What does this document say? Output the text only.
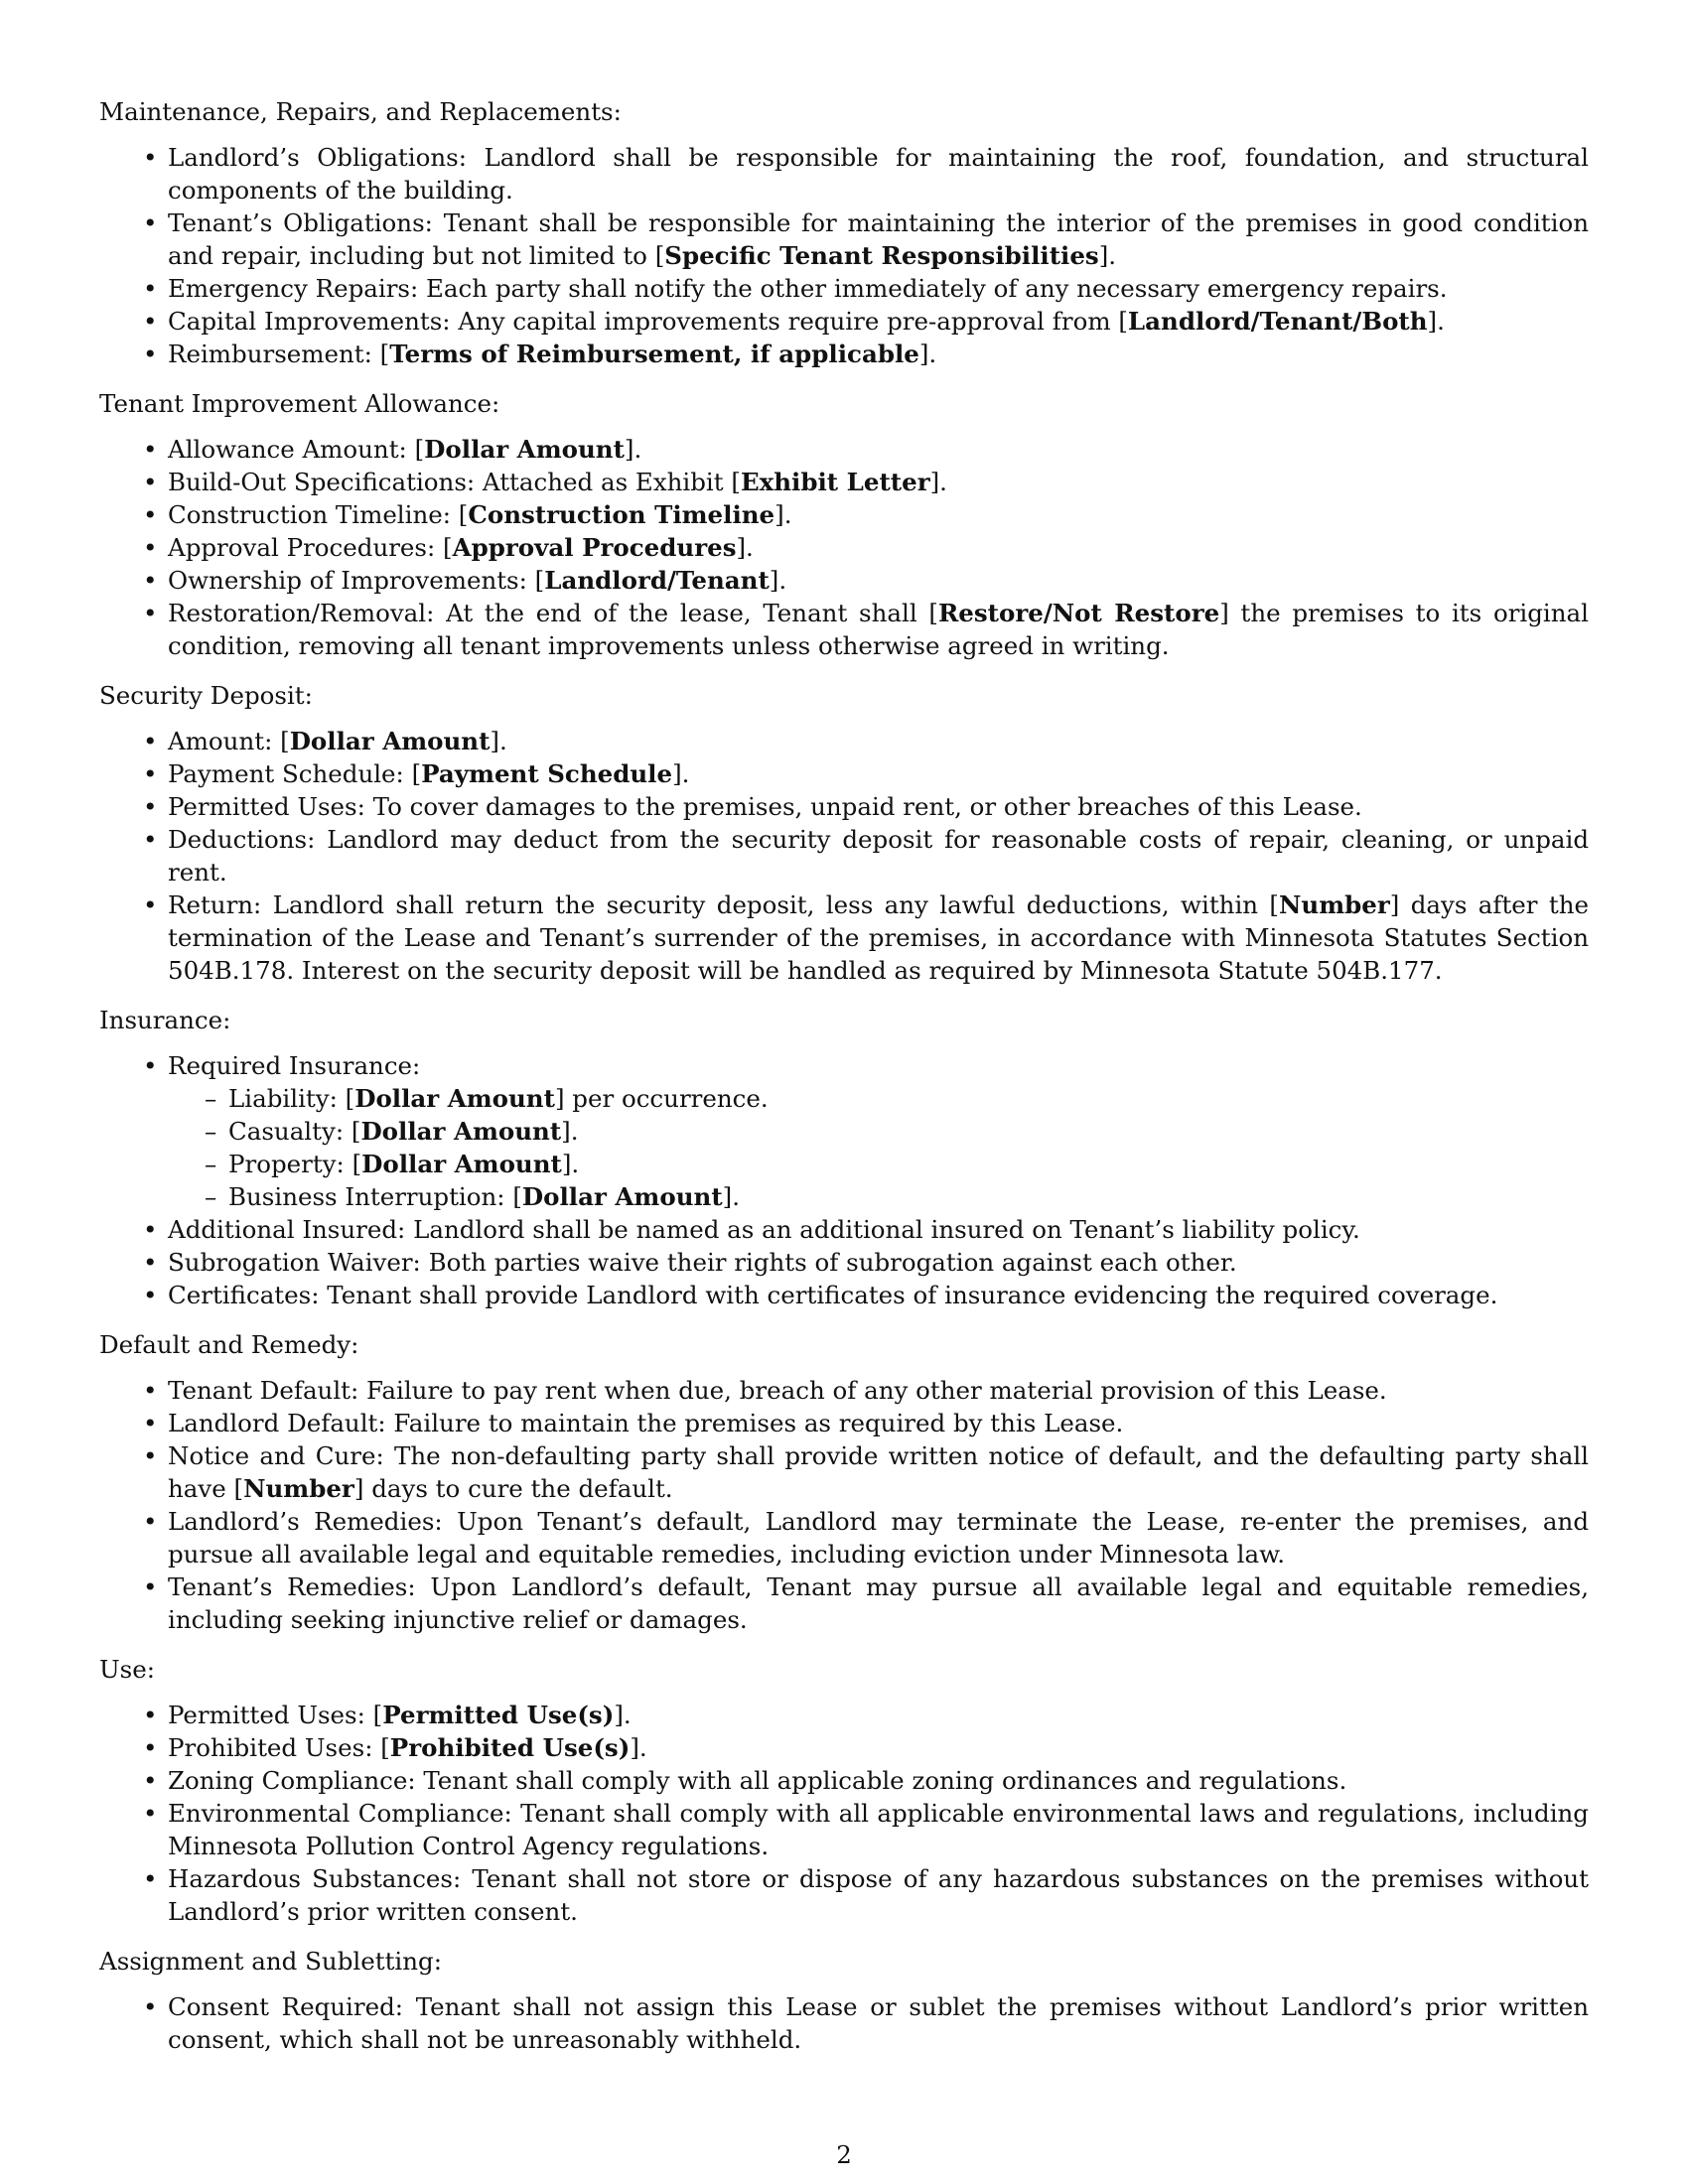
Maintenance, Repairs, and Replacements:

• Landlord’s Obligations: Landlord shall be responsible for maintaining the roof, foundation, and structural components of the building.
• Tenant’s Obligations: Tenant shall be responsible for maintaining the interior of the premises in good condition and repair, including but not limited to [Specific Tenant Responsibilities].
• Emergency Repairs: Each party shall notify the other immediately of any necessary emergency repairs.
• Capital Improvements: Any capital improvements require pre-approval from [Landlord/Tenant/Both].
• Reimbursement: [Terms of Reimbursement, if applicable].

Tenant Improvement Allowance:

• Allowance Amount: [Dollar Amount].
• Build-Out Specifications: Attached as Exhibit [Exhibit Letter].
• Construction Timeline: [Construction Timeline].
• Approval Procedures: [Approval Procedures].
• Ownership of Improvements: [Landlord/Tenant].
• Restoration/Removal: At the end of the lease, Tenant shall [Restore/Not Restore] the premises to its original condition, removing all tenant improvements unless otherwise agreed in writing.

Security Deposit:

• Amount: [Dollar Amount].
• Payment Schedule: [Payment Schedule].
• Permitted Uses: To cover damages to the premises, unpaid rent, or other breaches of this Lease.
• Deductions: Landlord may deduct from the security deposit for reasonable costs of repair, cleaning, or unpaid rent.
• Return: Landlord shall return the security deposit, less any lawful deductions, within [Number] days after the termination of the Lease and Tenant’s surrender of the premises, in accordance with Minnesota Statutes Section 504B.178. Interest on the security deposit will be handled as required by Minnesota Statute 504B.177.

Insurance:

• Required Insurance:
– Liability: [Dollar Amount] per occurrence.
– Casualty: [Dollar Amount].
– Property: [Dollar Amount].
– Business Interruption: [Dollar Amount].
• Additional Insured: Landlord shall be named as an additional insured on Tenant’s liability policy.
• Subrogation Waiver: Both parties waive their rights of subrogation against each other.
• Certificates: Tenant shall provide Landlord with certificates of insurance evidencing the required coverage.

Default and Remedy:

• Tenant Default: Failure to pay rent when due, breach of any other material provision of this Lease.
• Landlord Default: Failure to maintain the premises as required by this Lease.
• Notice and Cure: The non-defaulting party shall provide written notice of default, and the defaulting party shall have [Number] days to cure the default.
• Landlord’s Remedies: Upon Tenant’s default, Landlord may terminate the Lease, re-enter the premises, and pursue all available legal and equitable remedies, including eviction under Minnesota law.
• Tenant’s Remedies: Upon Landlord’s default, Tenant may pursue all available legal and equitable remedies, including seeking injunctive relief or damages.

Use:

• Permitted Uses: [Permitted Use(s)].
• Prohibited Uses: [Prohibited Use(s)].
• Zoning Compliance: Tenant shall comply with all applicable zoning ordinances and regulations.
• Environmental Compliance: Tenant shall comply with all applicable environmental laws and regulations, including Minnesota Pollution Control Agency regulations.
• Hazardous Substances: Tenant shall not store or dispose of any hazardous substances on the premises without Landlord’s prior written consent.

Assignment and Subletting:

• Consent Required: Tenant shall not assign this Lease or sublet the premises without Landlord’s prior written consent, which shall not be unreasonably withheld.
2
